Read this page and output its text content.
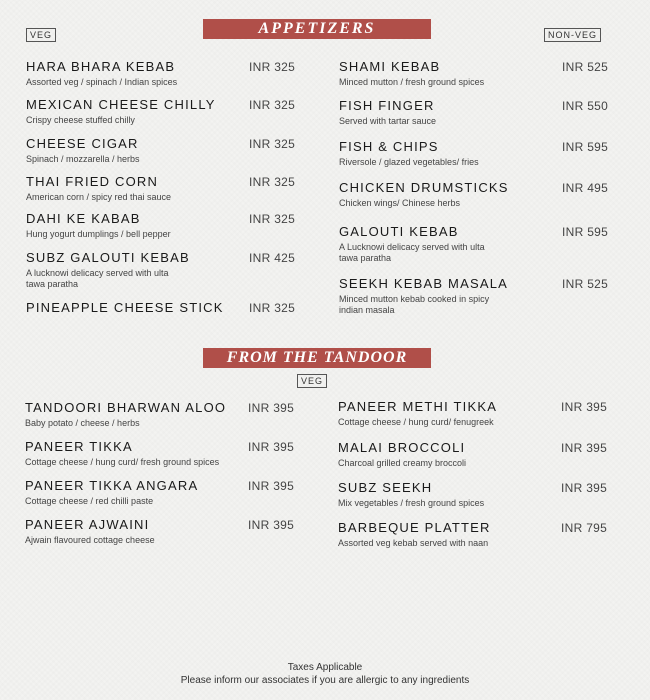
APPETIZERS
VEG	NON-VEG
HARA BHARA KEBAB
Assorted veg / spinach / Indian spices
INR 325
MEXICAN CHEESE CHILLY
Crispy cheese stuffed chilly
INR 325
CHEESE CIGAR
Spinach / mozzarella / herbs
INR 325
THAI FRIED CORN
American corn / spicy red thai sauce
INR 325
DAHI KE KABAB
Hung yogurt dumplings / bell pepper
INR 325
SUBZ GALOUTI KEBAB
A lucknowi delicacy served with ulta tawa paratha
INR 425
PINEAPPLE CHEESE STICK	INR 325
SHAMI KEBAB
Minced mutton / fresh ground spices
INR 525
FISH FINGER
Served with tartar sauce
INR 550
FISH & CHIPS
Riversole / glazed vegetables/ fries
INR 595
CHICKEN DRUMSTICKS
Chicken wings/ Chinese herbs
INR 495
GALOUTI KEBAB
A Lucknowi delicacy served with ulta tawa paratha
INR 595
SEEKH KEBAB MASALA
Minced mutton kebab cooked in spicy indian masala
INR 525
FROM THE TANDOOR
VEG
TANDOORI BHARWAN ALOO
Baby potato / cheese / herbs
INR 395
PANEER TIKKA
Cottage cheese / hung curd/ fresh ground spices
INR 395
PANEER TIKKA ANGARA
Cottage cheese / red chilli paste
INR 395
PANEER AJWAINI
Ajwain flavoured cottage cheese
INR 395
PANEER METHI TIKKA
Cottage cheese / hung curd/ fenugreek
INR 395
MALAI BROCCOLI
Charcoal grilled creamy broccoli
INR 395
SUBZ SEEKH
Mix vegetables / fresh ground spices
INR 395
BARBEQUE PLATTER
Assorted veg kebab served with naan
INR 795
Taxes Applicable
Please inform our associates if you are allergic to any ingredients
